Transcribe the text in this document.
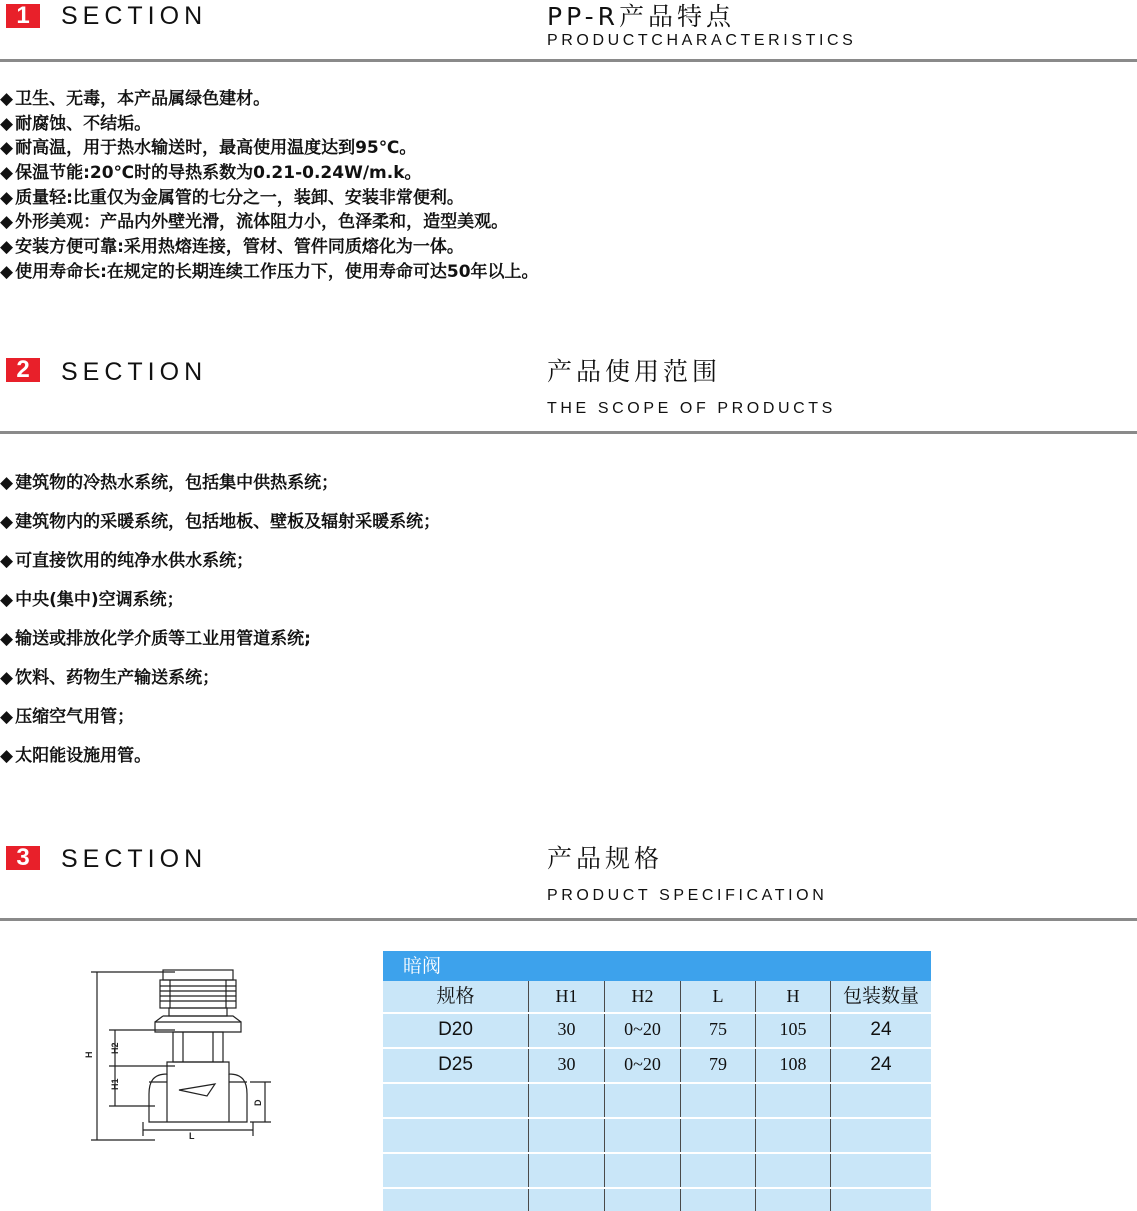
1	SECTION	PP-R产品特点
PRODUCTCHARACTERISTICS
◆ 卫生、无毒，本产品属绿色建材。
◆ 耐腐蚀、不结垢。
◆ 耐高温，用于热水输送时，最高使用温度达到95℃。
◆ 保温节能:20℃时的导热系数为0.21-0.24W/m.k。
◆ 质量轻:比重仅为金属管的七分之一，装卸、安装非常便利。
◆ 外形美观：产品内外壁光滑，流体阻力小，色泽柔和，造型美观。
◆ 安装方便可靠:采用热熔连接，管材、管件同质熔化为一体。
◆ 使用寿命长:在规定的长期连续工作压力下，使用寿命可达50年以上。
2	SECTION	产品使用范围
THE SCOPE OF PRODUCTS
◆ 建筑物的冷热水系统，包括集中供热系统；
◆ 建筑物内的采暖系统，包括地板、壁板及辐射采暖系统；
◆ 可直接饮用的纯净水供水系统；
◆ 中央(集中)空调系统；
◆ 输送或排放化学介质等工业用管道系统;
◆ 饮料、药物生产输送系统；
◆ 压缩空气用管；
◆ 太阳能设施用管。
3	SECTION	产品规格
PRODUCT SPECIFICATION
H
H2
H1
D
L
暗阀
规格	H1	H2	L	H	包装数量
D20	30	0~20	75	105	24
D25	30	0~20	79	108	24
